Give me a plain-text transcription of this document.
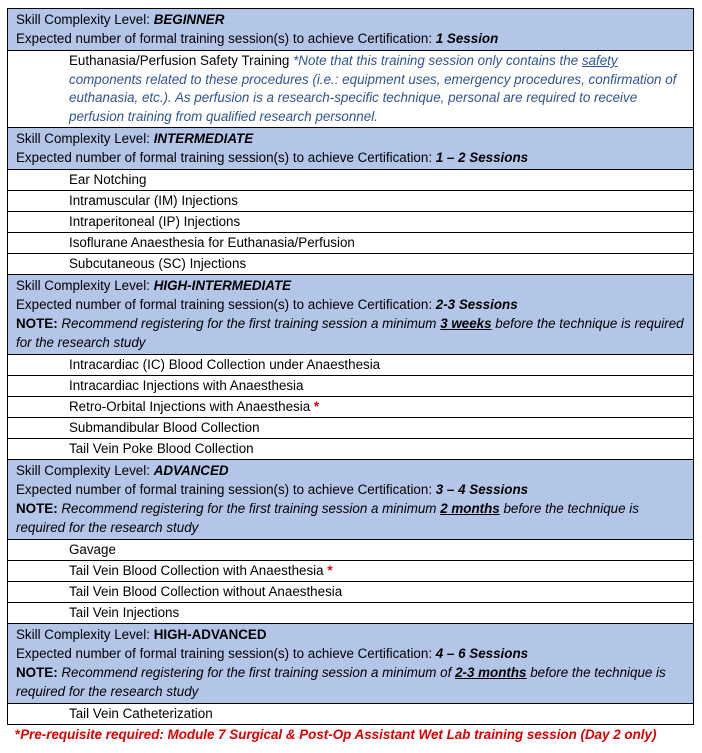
Skill Complexity Level: BEGINNER
Expected number of formal training session(s) to achieve Certification: 1 Session
Euthanasia/Perfusion Safety Training *Note that this training session only contains the safety components related to these procedures (i.e.: equipment uses, emergency procedures, confirmation of euthanasia, etc.). As perfusion is a research-specific technique, personal are required to receive perfusion training from qualified research personnel.
Skill Complexity Level: INTERMEDIATE
Expected number of formal training session(s) to achieve Certification: 1 – 2 Sessions
Ear Notching
Intramuscular (IM) Injections
Intraperitoneal (IP) Injections
Isoflurane Anaesthesia for Euthanasia/Perfusion
Subcutaneous (SC) Injections
Skill Complexity Level: HIGH-INTERMEDIATE
Expected number of formal training session(s) to achieve Certification: 2-3 Sessions
NOTE: Recommend registering for the first training session a minimum 3 weeks before the technique is required for the research study
Intracardiac (IC) Blood Collection under Anaesthesia
Intracardiac Injections with Anaesthesia
Retro-Orbital Injections with Anaesthesia *
Submandibular Blood Collection
Tail Vein Poke Blood Collection
Skill Complexity Level: ADVANCED
Expected number of formal training session(s) to achieve Certification: 3 – 4 Sessions
NOTE: Recommend registering for the first training session a minimum 2 months before the technique is required for the research study
Gavage
Tail Vein Blood Collection with Anaesthesia *
Tail Vein Blood Collection without Anaesthesia
Tail Vein Injections
Skill Complexity Level: HIGH-ADVANCED
Expected number of formal training session(s) to achieve Certification: 4 – 6 Sessions
NOTE: Recommend registering for the first training session a minimum of 2-3 months before the technique is required for the research study
Tail Vein Catheterization
*Pre-requisite required: Module 7 Surgical & Post-Op Assistant Wet Lab training session (Day 2 only)
